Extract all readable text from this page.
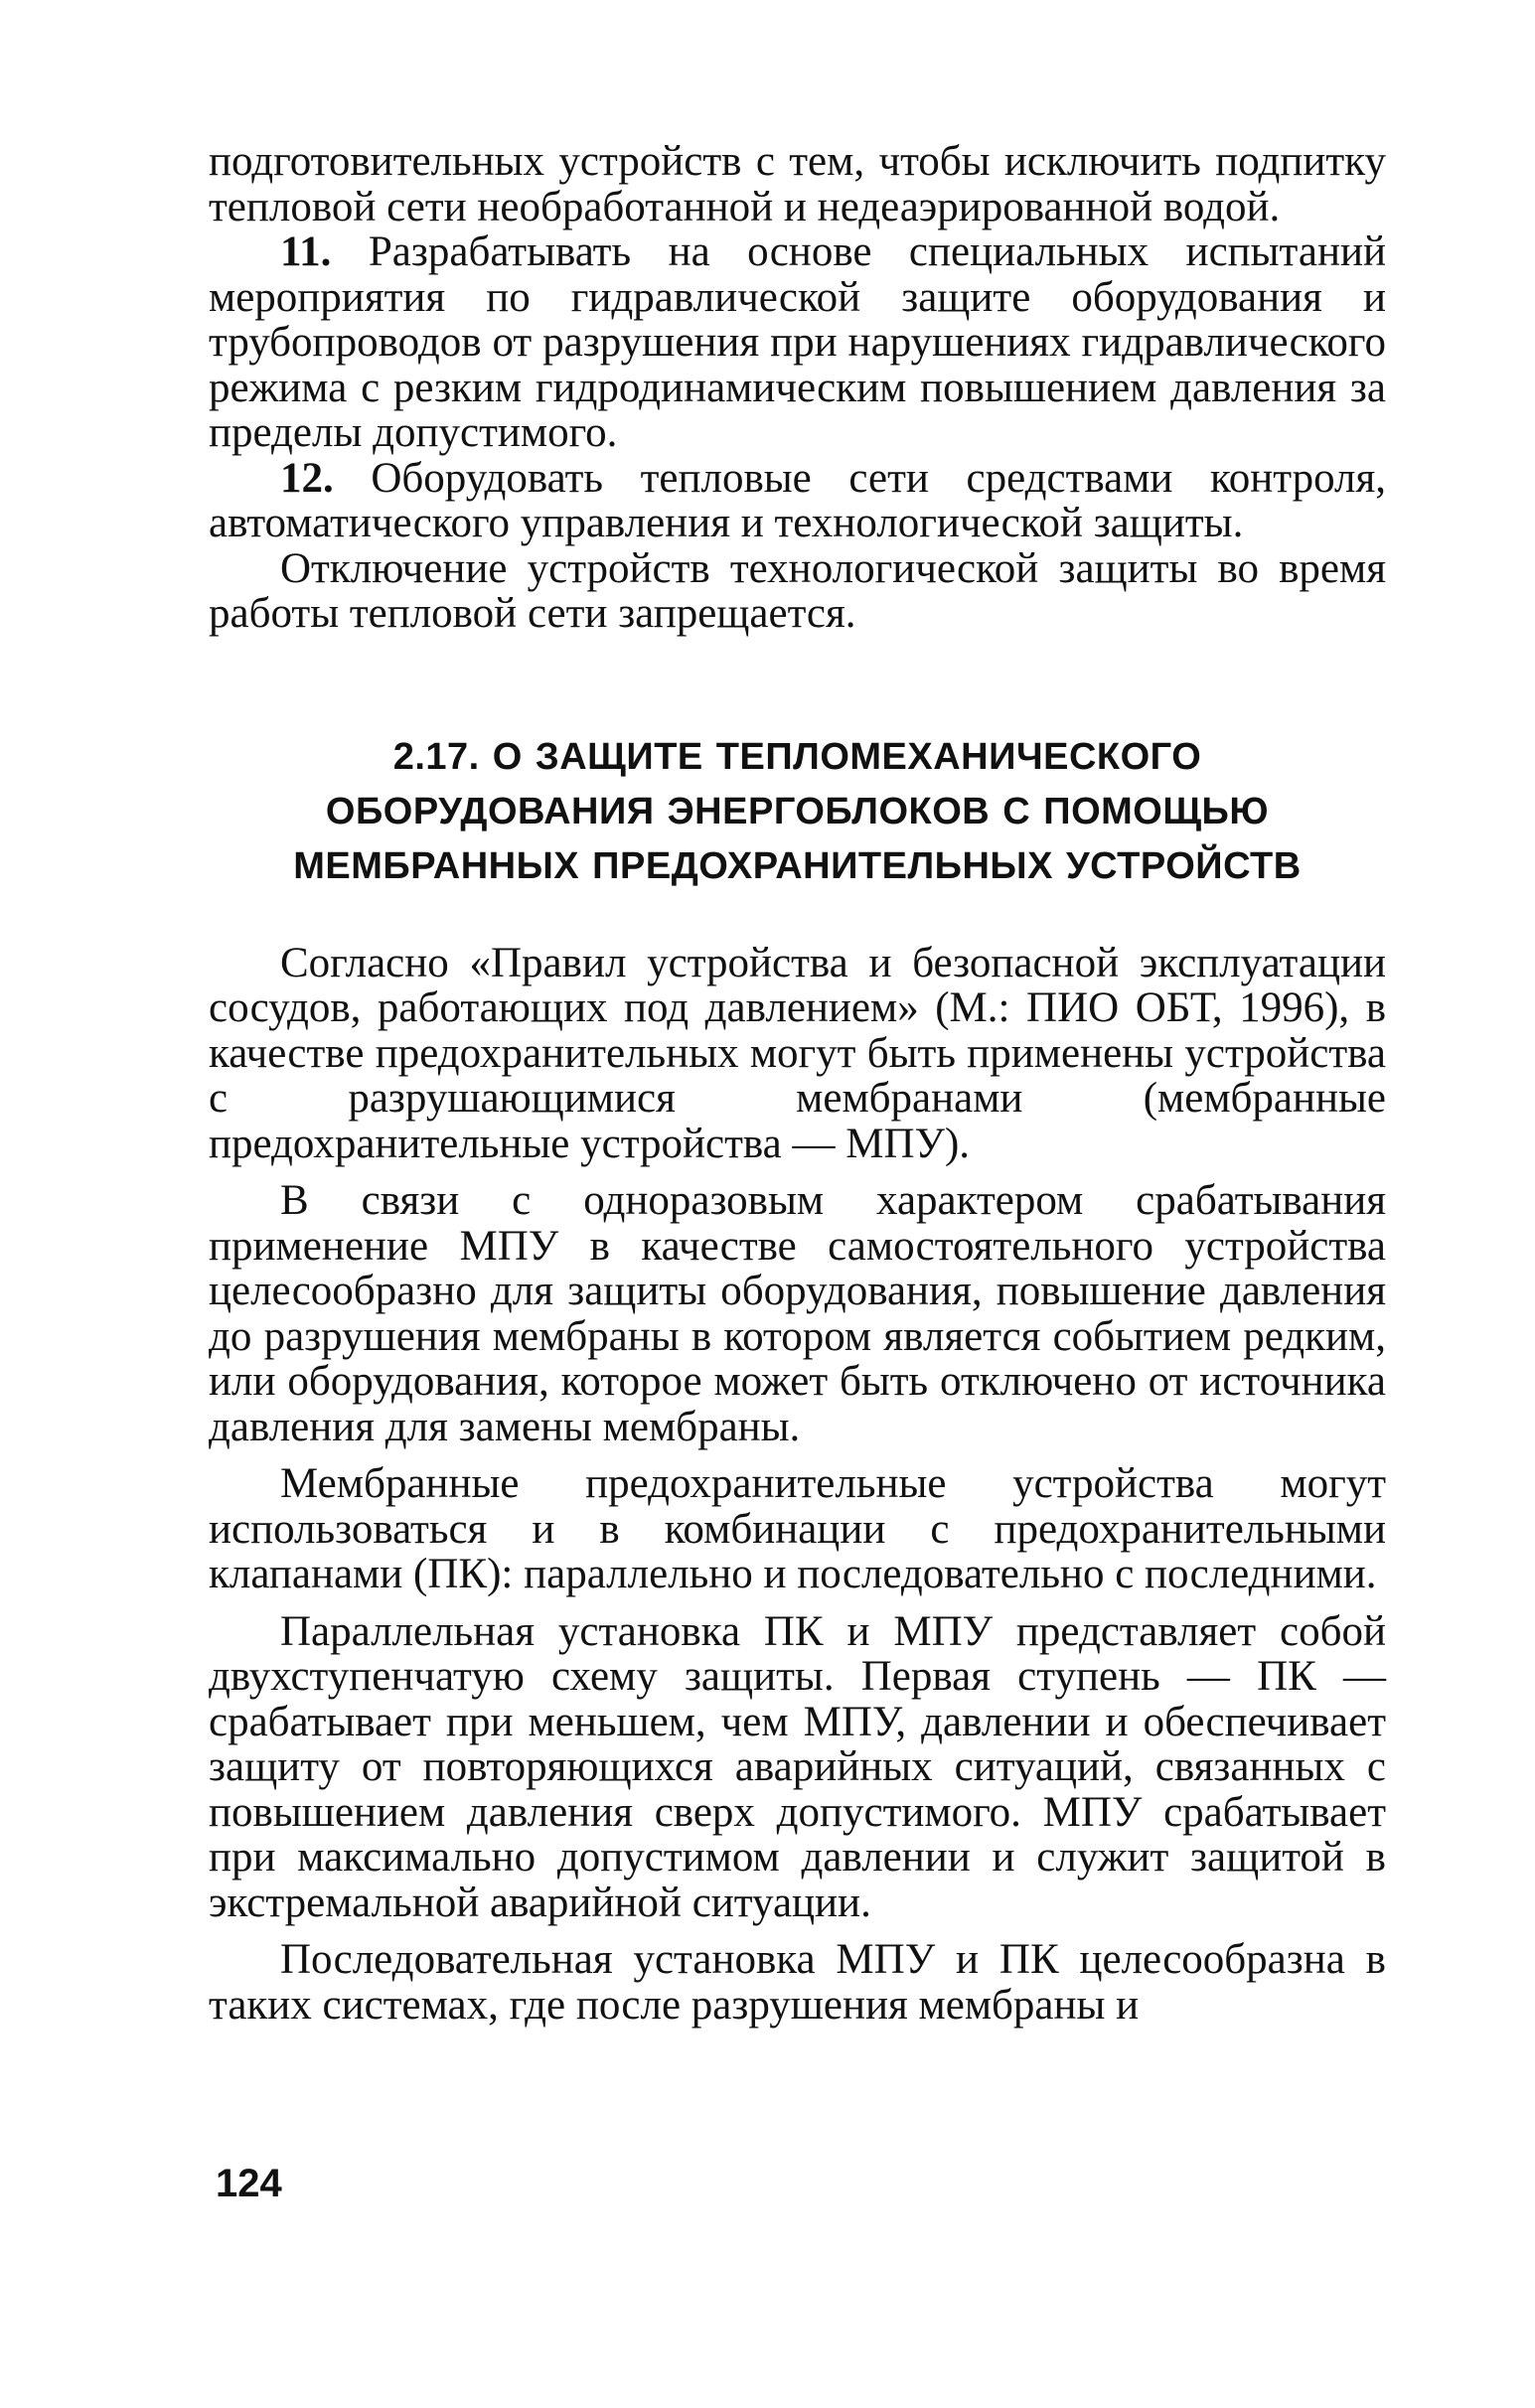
подготовительных устройств с тем, чтобы исключить подпитку тепловой сети необработанной и недеаэрированной водой.

11. Разрабатывать на основе специальных испытаний мероприятия по гидравлической защите оборудования и трубопроводов от разрушения при нарушениях гидравлического режима с резким гидродинамическим повышением давления за пределы допустимого.

12. Оборудовать тепловые сети средствами контроля, автоматического управления и технологической защиты.

Отключение устройств технологической защиты во время работы тепловой сети запрещается.

2.17. О ЗАЩИТЕ ТЕПЛОМЕХАНИЧЕСКОГО

ОБОРУДОВАНИЯ ЭНЕРГОБЛОКОВ С ПОМОЩЬЮ

МЕМБРАННЫХ ПРЕДОХРАНИТЕЛЬНЫХ УСТРОЙСТВ

Согласно «Правил устройства и безопасной эксплуатации сосудов, работающих под давлением» (М.: ПИО ОБТ, 1996), в качестве предохранительных могут быть применены устройства с разрушающимися мембранами (мембранные предохранительные устройства — МПУ).

В связи с одноразовым характером срабатывания применение МПУ в качестве самостоятельного устройства целесообразно для защиты оборудования, повышение давления до разрушения мембраны в котором является событием редким, или оборудования, которое может быть отключено от источника давления для замены мембраны.

Мембранные предохранительные устройства могут использоваться и в комбинации с предохранительными клапанами (ПК): параллельно и последовательно с последними.

Параллельная установка ПК и МПУ представляет собой двухступенчатую схему защиты. Первая ступень — ПК — срабатывает при меньшем, чем МПУ, давлении и обеспечивает защиту от повторяющихся аварийных ситуаций, связанных с повышением давления сверх допустимого. МПУ срабатывает при максимально допустимом давлении и служит защитой в экстремальной аварийной ситуации.

Последовательная установка МПУ и ПК целесообразна в таких системах, где после разрушения мембраны и

124
